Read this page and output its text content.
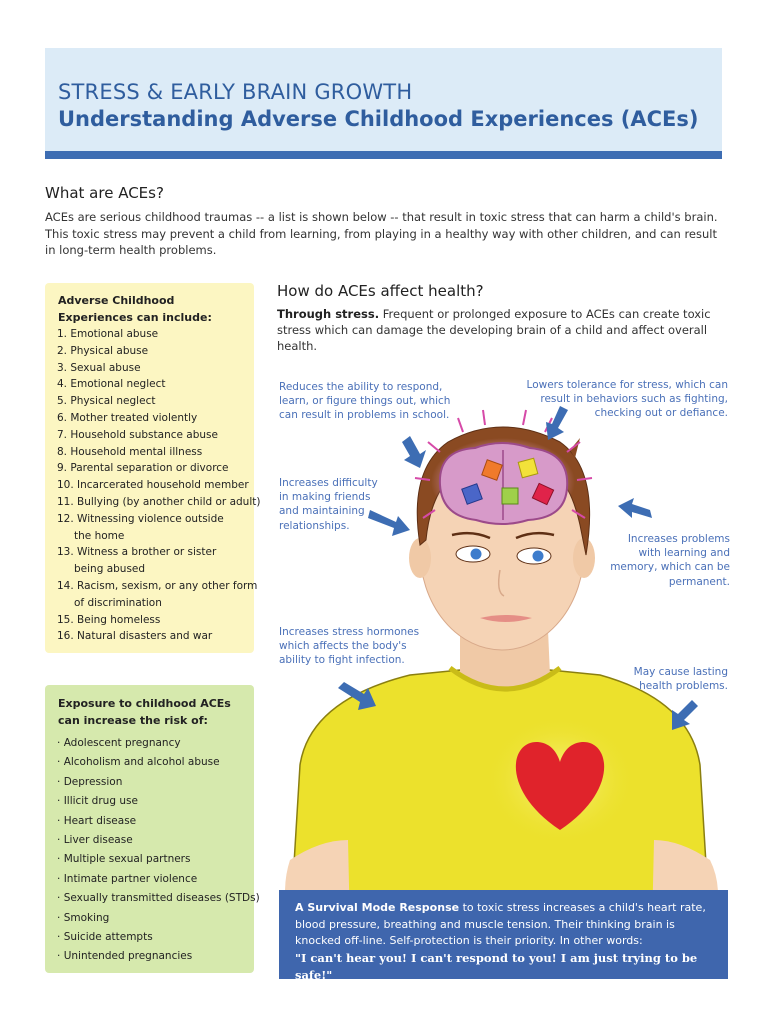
STRESS & EARLY BRAIN GROWTH
Understanding Adverse Childhood Experiences (ACEs)
What are ACEs?

ACEs are serious childhood traumas -- a list is shown below -- that result in toxic stress that can harm a child's brain. This toxic stress may prevent a child from learning, from playing in a healthy way with other children, and can result in long-term health problems.

Adverse Childhood Experiences can include:
1. Emotional abuse
2. Physical abuse
3. Sexual abuse
4. Emotional neglect
5. Physical neglect
6. Mother treated violently
7. Household substance abuse
8. Household mental illness
9. Parental separation or divorce
10. Incarcerated household member
11. Bullying (by another child or adult)
12. Witnessing violence outside
the home
13. Witness a brother or sister
being abused
14. Racism, sexism, or any other form
of discrimination
15. Being homeless
16. Natural disasters and war
Exposure to childhood ACEs can increase the risk of:
· Adolescent pregnancy
· Alcoholism and alcohol abuse
· Depression
· Illicit drug use
· Heart disease
· Liver disease
· Multiple sexual partners
· Intimate partner violence
· Sexually transmitted diseases (STDs)
· Smoking
· Suicide attempts
· Unintended pregnancies
How do ACEs affect health?

Through stress. Frequent or prolonged exposure to ACEs can create toxic stress which can damage the developing brain of a child and affect overall health.

Reduces the ability to respond, learn, or figure things out, which can result in problems in school.
Lowers tolerance for stress, which can result in behaviors such as fighting, checking out or defiance.
Increases difficulty in making friends and maintaining relationships.
Increases problems with learning and memory, which can be permanent.
Increases stress hormones which affects the body's ability to fight infection.
May cause lasting health problems.
A Survival Mode Response to toxic stress increases a child's heart rate, blood pressure, breathing and muscle tension. Their thinking brain is knocked off-line. Self-protection is their priority. In other words:
"I can't hear you! I can't respond to you! I am just trying to be safe!"
